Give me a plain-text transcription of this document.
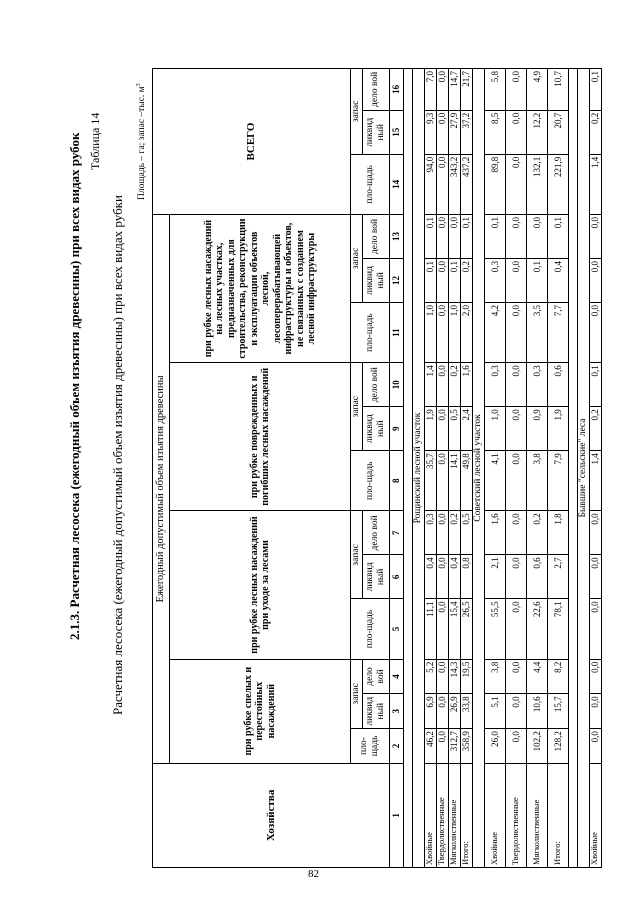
2.1.3. Расчетная лесосека (ежегодный объем изъятия древесины) при всех видах рубок Таблица 14
Расчетная лесосека (ежегодный допустимый объем изъятия древесины) при всех видах рубки
Площадь – га; запас –тыс. $м^3$
Хозяйства	Ежегодный допустимый объем изъятия древесины												ВСЕГО		
	при рубке спелых и перестойных насаждений			при рубке лесных насаждений при уходе за лесами			при рубке поврежденных и погибших лесных насаждений			при рубке лесных насаждений на лесных участках, предназначенных для строительства, реконструкции и эксплуатации объектов лесной, лесоперерабатывающей инфраструктуры и объектов, не связанных с созданием лесной инфраструктуры					
	пло-щадь	запас		пло-щадь	запас		пло-щадь	запас		пло-щадь	запас		пло-щадь	запас	
		ликвид ный	дело вой		ликвид ный	дело вой		ликвид ный	дело вой		ликвид ный	дело вой		ликвид ный	дело вой
1	2	3	4	5	6	7	8	9	10	11	12	13	14	15	16

Рощинский лесной участок															
Хвойные	46,2	6,9	5,2	11,1	0,4	0,3	35,7	1,9	1,4	1,0	0,1	0,1	94,0	9,3	7,0
Твердолиственные	0,0	0,0	0,0	0,0	0,0	0,0	0,0	0,0	0,0	0,0	0,0	0,0	0,0	0,0	0,0
Мягколиственные	312,7	26,9	14,3	15,4	0,4	0,2	14,1	0,5	0,2	1,0	0,1	0,0	343,2	27,9	14,7
Итого:	358,9	33,8	19,5	26,5	0,8	0,5	49,8	2,4	1,6	2,0	0,2	0,1	437,2	37,2	21,7
Советский лесной участок															
Хвойные	26,0	5,1	3,8	55,5	2,1	1,6	4,1	1,0	0,3	4,2	0,3	0,1	89,8	8,5	5,8
Твердолиственные	0,0	0,0	0,0	0,0	0,0	0,0	0,0	0,0	0,0	0,0	0,0	0,0	0,0	0,0	0,0
Мягколиственные	102,2	10,6	4,4	22,6	0,6	0,2	3,8	0,9	0,3	3,5	0,1	0,0	132,1	12,2	4,9
Итого:	128,2	15,7	8,2	78,1	2,7	1,8	7,9	1,9	0,6	7,7	0,4	0,1	221,9	20,7	10,7

Бывшие "сельские" леса															
Хвойные	0,0	0,0	0,0	0,0	0,0	0,0	1,4	0,2	0,1	0,0	0,0	0,0	1,4	0,2	0,1
82
